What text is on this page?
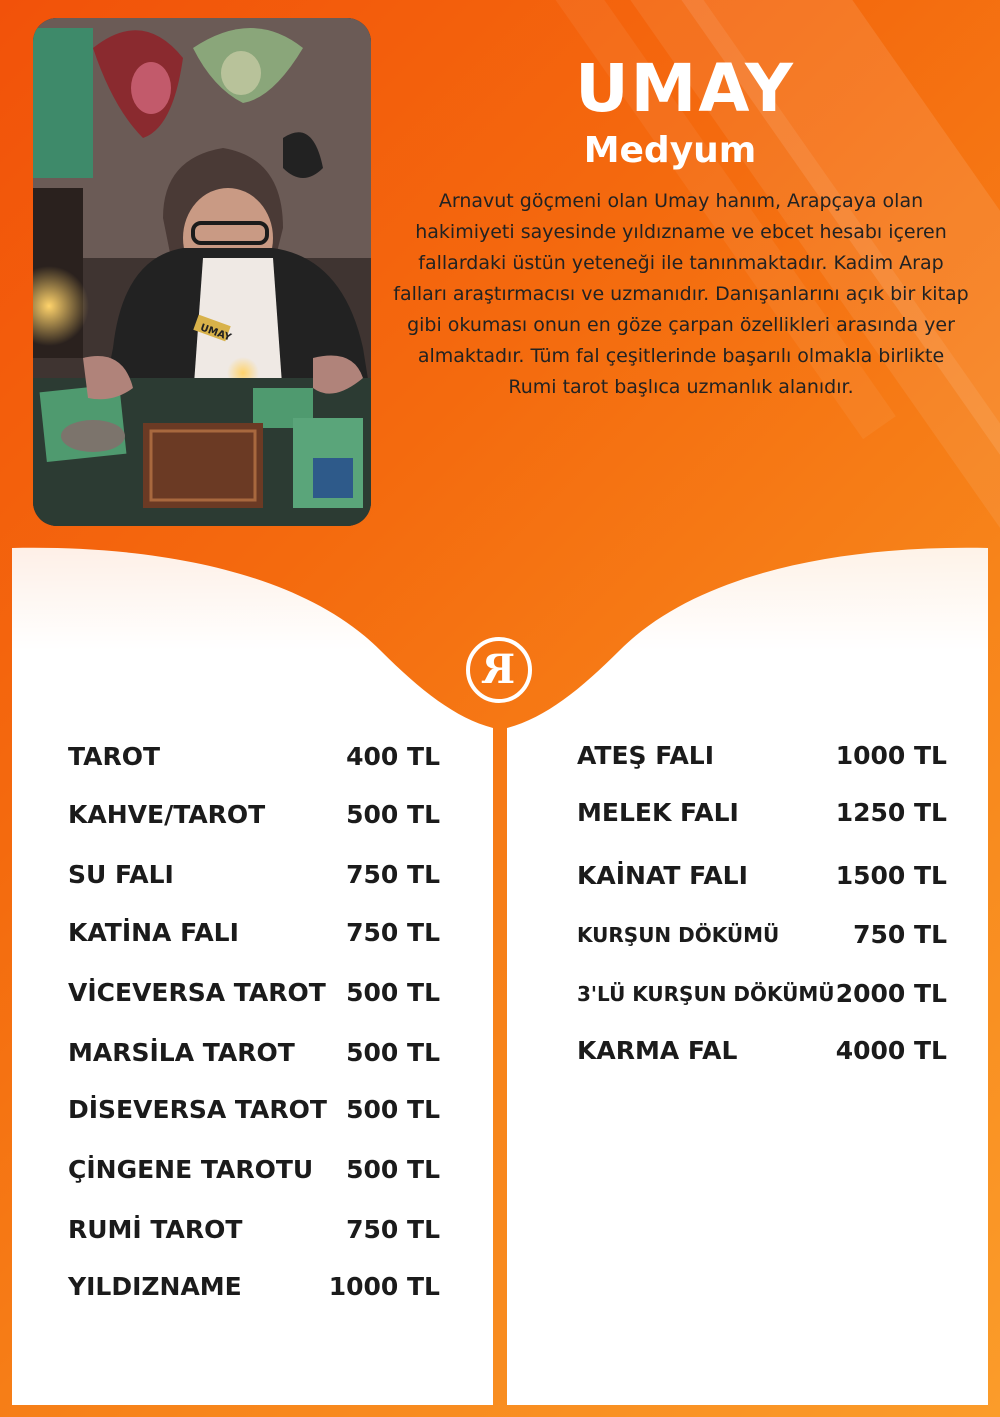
UMAY
UMAY
Medyum
Arnavut göçmeni olan Umay hanım, Arapçaya olan hakimiyeti sayesinde yıldızname ve ebcet hesabı içeren fallardaki üstün yeteneği ile tanınmaktadır. Kadim Arap falları araştırmacısı ve uzmanıdır. Danışanlarını açık bir kitap gibi okuması onun en göze çarpan özellikleri arasında yer almaktadır. Tüm fal çeşitlerinde başarılı olmakla birlikte Rumi tarot başlıca uzmanlık alanıdır.
R
TAROT	400 TL
KAHVE/TAROT	500 TL
SU FALI	750 TL
KATİNA FALI	750 TL
VİCEVERSA TAROT 500 TL
MARSİLA TAROT 500 TL
DİSEVERSA TAROT 500 TL
ÇİNGENE TAROTU 500 TL
RUMİ TAROT	750 TL
YILDIZNAME	1000 TL
ATEŞ FALI	1000 TL
MELEK FALI	1250 TL
KAİNAT FALI	1500 TL
KURŞUN DÖKÜMÜ	750 TL
3'LÜ KURŞUN DÖKÜMÜ 2000 TL
KARMA FAL	4000 TL
